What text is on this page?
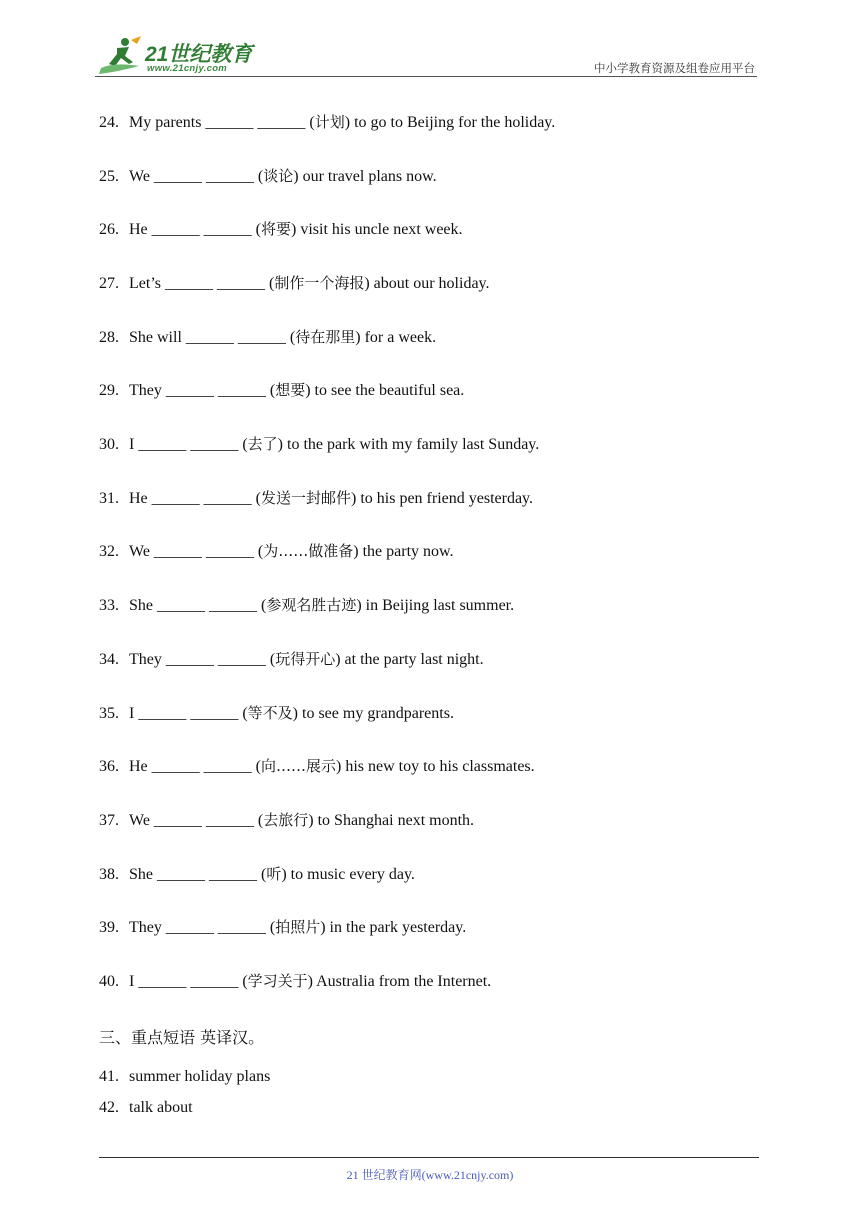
21世纪教育
www.21cnjy.com	中小学教育资源及组卷应用平台
24. My parents ______ ______ (计划) to go to Beijing for the holiday.
25. We ______ ______ (谈论) our travel plans now.
26. He ______ ______ (将要) visit his uncle next week.
27. Let’s ______ ______ (制作一个海报) about our holiday.
28. She will ______ ______ (待在那里) for a week.
29. They ______ ______ (想要) to see the beautiful sea.
30. I ______ ______ (去了) to the park with my family last Sunday.
31. He ______ ______ (发送一封邮件) to his pen friend yesterday.
32. We ______ ______ (为……做准备) the party now.
33. She ______ ______ (参观名胜古迹) in Beijing last summer.
34. They ______ ______ (玩得开心) at the party last night.
35. I ______ ______ (等不及) to see my grandparents.
36. He ______ ______ (向……展示) his new toy to his classmates.
37. We ______ ______ (去旅行) to Shanghai next month.
38. She ______ ______ (听) to music every day.
39. They ______ ______ (拍照片) in the park yesterday.
40. I ______ ______ (学习关于) Australia from the Internet.
41. summer holiday plans
42. talk about
三、重点短语 英译汉。
21 世纪教育网(www.21cnjy.com)
